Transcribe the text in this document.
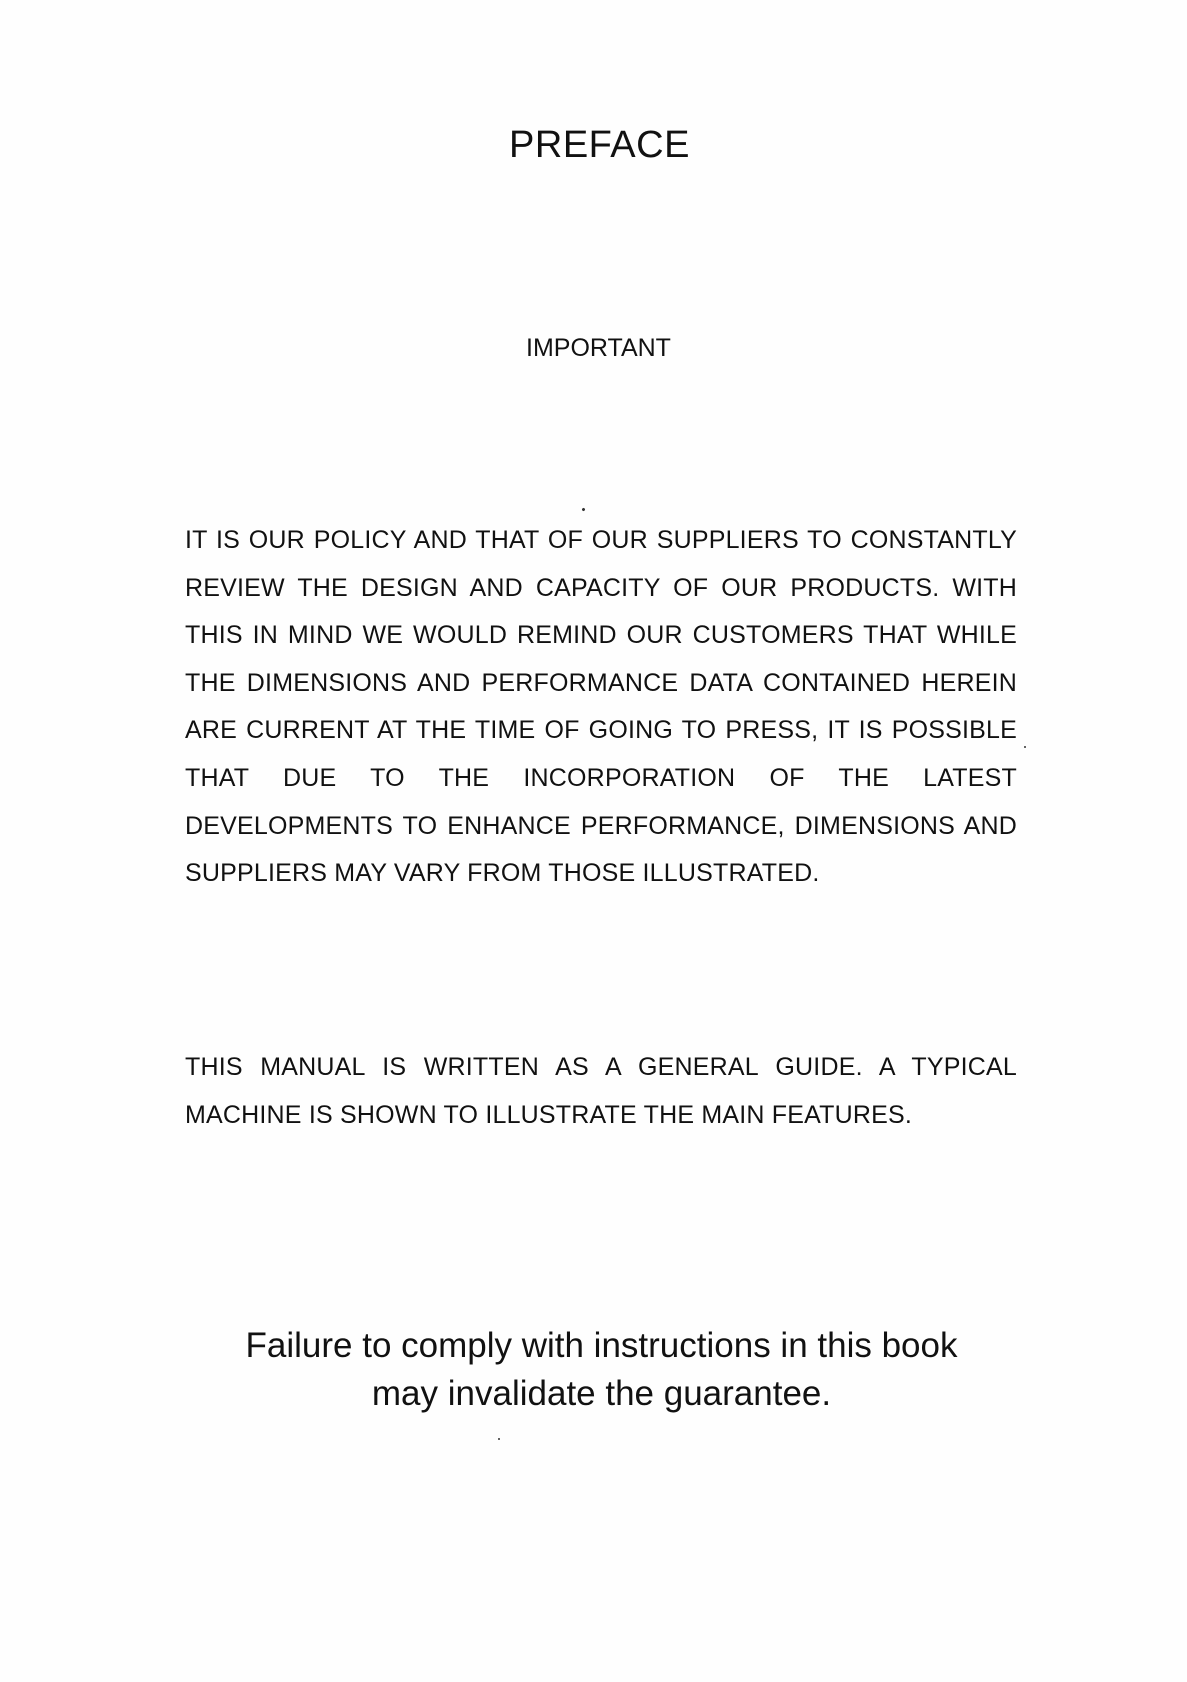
PREFACE
IMPORTANT

IT IS OUR POLICY AND THAT OF OUR SUPPLIERS TO CONSTANTLY REVIEW THE DESIGN AND CAPACITY OF OUR PRODUCTS. WITH THIS IN MIND WE WOULD REMIND OUR CUSTOMERS THAT WHILE THE DIMENSIONS AND PERFORMANCE DATA CONTAINED HEREIN ARE CURRENT AT THE TIME OF GOING TO PRESS, IT IS POSSIBLE THAT DUE TO THE INCORPORATION OF THE LATEST DEVELOPMENTS TO ENHANCE PERFORMANCE, DIMENSIONS AND SUPPLIERS MAY VARY FROM THOSE ILLUSTRATED.

THIS MANUAL IS WRITTEN AS A GENERAL GUIDE. A TYPICAL MACHINE IS SHOWN TO ILLUSTRATE THE MAIN FEATURES.

Failure to comply with instructions in this book
may invalidate the guarantee.
